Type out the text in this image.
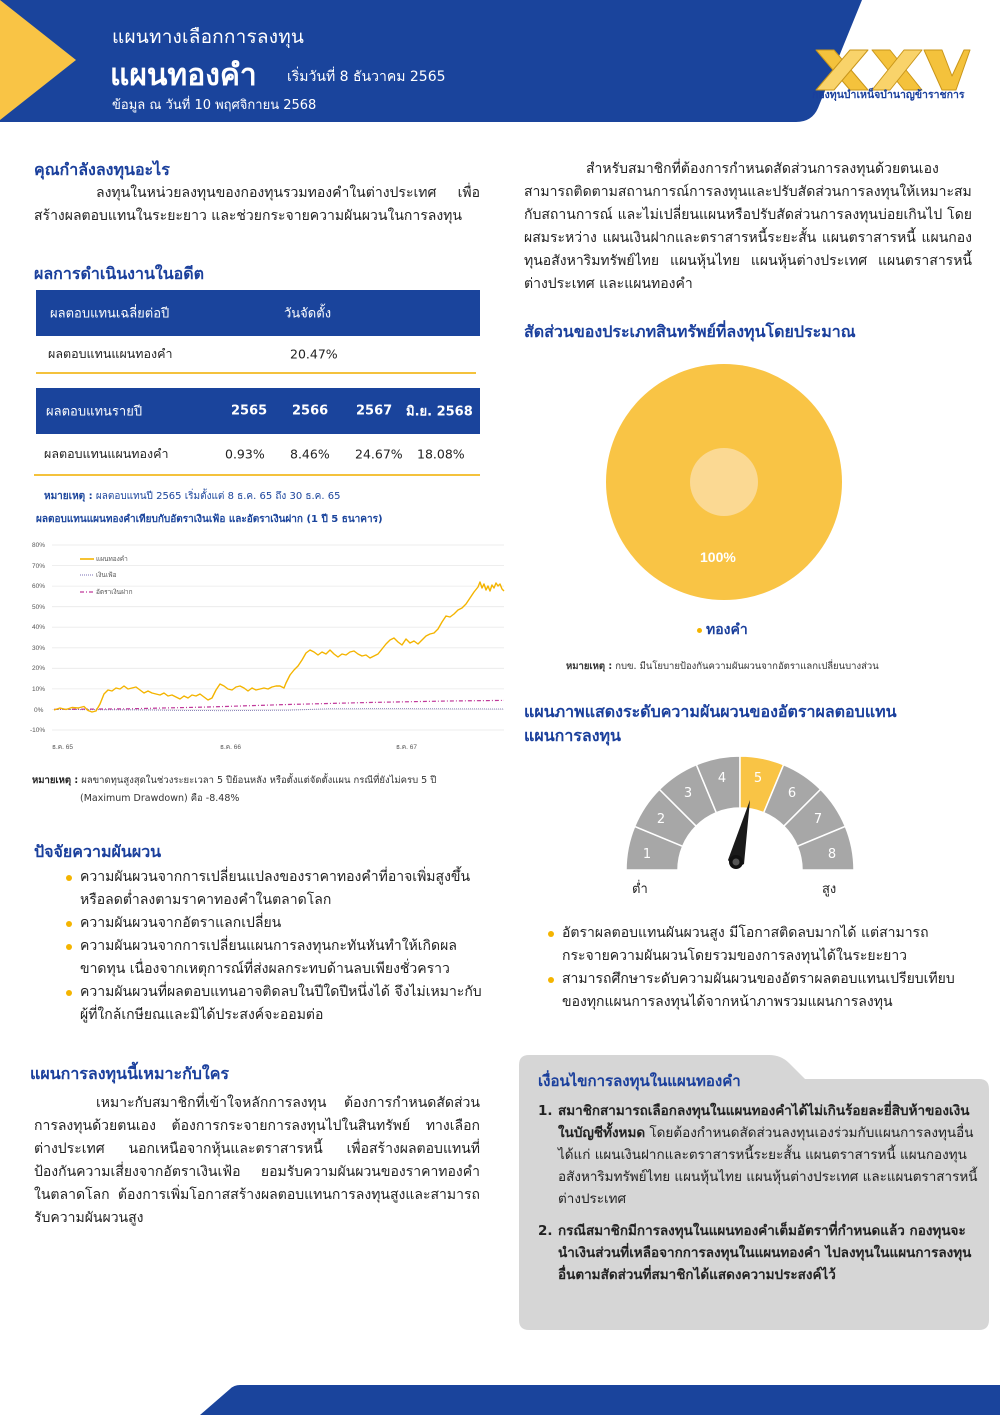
แผนทางเลือกการลงทุน
แผนทองคำ เริ่มวันที่ 8 ธันวาคม 2565
ข้อมูล ณ วันที่ 10 พฤศจิกายน 2568
กองทุนบำเหน็จบำนาญข้าราชการ
คุณกำลังลงทุนอะไร
ลงทุนในหน่วยลงทุนของกองทุนรวมทองคำในต่างประเทศ เพื่อสร้างผลตอบแทนในระยะยาว และช่วยกระจายความผันผวนในการลงทุน
ผลการดำเนินงานในอดีต
ผลตอบแทนเฉลี่ยต่อปี	วันจัดตั้ง
ผลตอบแทนแผนทองคำ	20.47%
ผลตอบแทนรายปี	2565 2566 2567 มิ.ย. 2568
ผลตอบแทนแผนทองคำ	0.93% 8.46% 24.67% 18.08%
หมายเหตุ : ผลตอบแทนปี 2565 เริ่มตั้งแต่ 8 ธ.ค. 65 ถึง 30 ธ.ค. 65
ผลตอบแทนแผนทองคำเทียบกับอัตราเงินเฟ้อ และอัตราเงินฝาก (1 ปี 5 ธนาคาร)
80%
70%
60%
50%
40%
30%
20%
10%
0%
-10%
ธ.ค. 65	ธ.ค. 66	ธ.ค. 67
แผนทองคำ
เงินเฟ้อ
อัตราเงินฝาก
หมายเหตุ : ผลขาดทุนสูงสุดในช่วงระยะเวลา 5 ปีย้อนหลัง หรือตั้งแต่จัดตั้งแผน กรณีที่ยังไม่ครบ 5 ปี
(Maximum Drawdown) คือ -8.48%
ปัจจัยความผันผวน
ความผันผวนจากการเปลี่ยนแปลงของราคาทองคำที่อาจเพิ่มสูงขึ้นหรือลดต่ำลงตามราคาทองคำในตลาดโลก
ความผันผวนจากอัตราแลกเปลี่ยน
ความผันผวนจากการเปลี่ยนแผนการลงทุนกะทันหันทำให้เกิดผลขาดทุน เนื่องจากเหตุการณ์ที่ส่งผลกระทบด้านลบเพียงชั่วคราว
ความผันผวนที่ผลตอบแทนอาจติดลบในปีใดปีหนึ่งได้ จึงไม่เหมาะกับผู้ที่ใกล้เกษียณและมิได้ประสงค์จะออมต่อ
แผนการลงทุนนี้เหมาะกับใคร
เหมาะกับสมาชิกที่เข้าใจหลักการลงทุน ต้องการกำหนดสัดส่วนการลงทุนด้วยตนเอง ต้องการกระจายการลงทุนไปในสินทรัพย์ ทางเลือกต่างประเทศ นอกเหนือจากหุ้นและตราสารหนี้ เพื่อสร้างผลตอบแทนที่ป้องกันความเสี่ยงจากอัตราเงินเฟ้อ ยอมรับความผันผวนของราคาทองคำในตลาดโลก ต้องการเพิ่มโอกาสสร้างผลตอบแทนการลงทุนสูงและสามารถรับความผันผวนสูง
สำหรับสมาชิกที่ต้องการกำหนดสัดส่วนการลงทุนด้วยตนเอง สามารถติดตามสถานการณ์การลงทุนและปรับสัดส่วนการลงทุนให้เหมาะสมกับสถานการณ์ และไม่เปลี่ยนแผนหรือปรับสัดส่วนการลงทุนบ่อยเกินไป โดยผสมระหว่าง แผนเงินฝากและตราสารหนี้ระยะสั้น แผนตราสารหนี้ แผนกองทุนอสังหาริมทรัพย์ไทย แผนหุ้นไทย แผนหุ้นต่างประเทศ แผนตราสารหนี้ต่างประเทศ และแผนทองคำ
สัดส่วนของประเภทสินทรัพย์ที่ลงทุนโดยประมาณ
100%
ทองคำ
หมายเหตุ : กบข. มีนโยบายป้องกันความผันผวนจากอัตราแลกเปลี่ยนบางส่วน
แผนภาพแสดงระดับความผันผวนของอัตราผลตอบแทน
แผนการลงทุน
1
2
3
4 5
6
7
8
ต่ำ	สูง
อัตราผลตอบแทนผันผวนสูง มีโอกาสติดลบมากได้ แต่สามารถกระจายความผันผวนโดยรวมของการลงทุนได้ในระยะยาว
สามารถศึกษาระดับความผันผวนของอัตราผลตอบแทนเปรียบเทียบของทุกแผนการลงทุนได้จากหน้าภาพรวมแผนการลงทุน
เงื่อนไขการลงทุนในแผนทองคำ
1. สมาชิกสามารถเลือกลงทุนในแผนทองคำได้ไม่เกินร้อยละยี่สิบห้าของเงินในบัญชีทั้งหมด โดยต้องกำหนดสัดส่วนลงทุนเองร่วมกับแผนการลงทุนอื่น ได้แก่ แผนเงินฝากและตราสารหนี้ระยะสั้น แผนตราสารหนี้ แผนกองทุนอสังหาริมทรัพย์ไทย แผนหุ้นไทย แผนหุ้นต่างประเทศ และแผนตราสารหนี้ต่างประเทศ
2. กรณีสมาชิกมีการลงทุนในแผนทองคำเต็มอัตราที่กำหนดแล้ว กองทุนจะนำเงินส่วนที่เหลือจากการลงทุนในแผนทองคำ ไปลงทุนในแผนการลงทุนอื่นตามสัดส่วนที่สมาชิกได้แสดงความประสงค์ไว้
